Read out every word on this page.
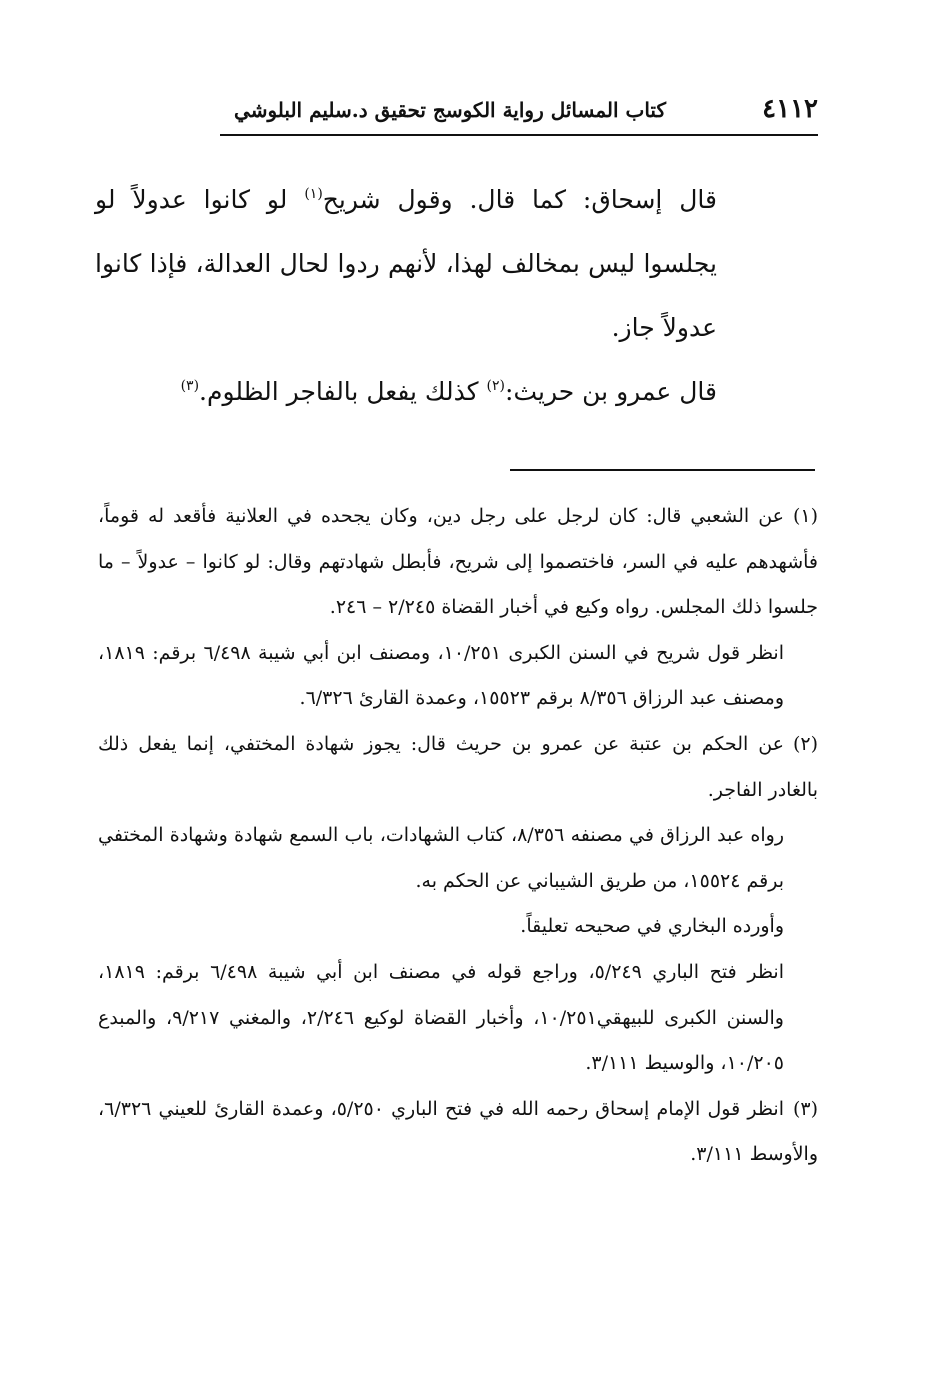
٤١١٢
كتاب المسائل رواية الكوسج تحقيق د.سليم البلوشي

قال إسحاق: كما قال. وقول شريح$^{(١)}$ لو كانوا عدولاً لو يجلسوا ليس بمخالف لهذا، لأنهم ردوا لحال العدالة، فإذا كانوا عدولاً جاز.

قال عمرو بن حريث:$^{(٢)}$ كذلك يفعل بالفاجر الظلوم.$^{(٣)}$

(١)عن الشعبي قال: كان لرجل على رجل دين، وكان يجحده في العلانية فأقعد له قوماً، فأشهدهم عليه في السر، فاختصموا إلى شريح، فأبطل شهادتهم وقال: لو كانوا – عدولاً – ما جلسوا ذلك المجلس. رواه وكيع في أخبار القضاة ٢/٢٤٥ – ٢٤٦.

انظر قول شريح في السنن الكبرى ١٠/٢٥١، ومصنف ابن أبي شيبة ٦/٤٩٨ برقم: ١٨١٩، ومصنف عبد الرزاق ٨/٣٥٦ برقم ١٥٥٢٣، وعمدة القارئ ٦/٣٢٦.

(٢)عن الحكم بن عتبة عن عمرو بن حريث قال: يجوز شهادة المختفي، إنما يفعل ذلك بالغادر الفاجر.

رواه عبد الرزاق في مصنفه ٨/٣٥٦، كتاب الشهادات، باب السمع شهادة وشهادة المختفي برقم ١٥٥٢٤، من طريق الشيباني عن الحكم به.

وأورده البخاري في صحيحه تعليقاً.

انظر فتح الباري ٥/٢٤٩، وراجع قوله في مصنف ابن أبي شيبة ٦/٤٩٨ برقم: ١٨١٩، والسنن الكبرى للبيهقي١٠/٢٥١، وأخبار القضاة لوكيع ٢/٢٤٦، والمغني ٩/٢١٧، والمبدع ١٠/٢٠٥، والوسيط ٣/١١١.

(٣)انظر قول الإمام إسحاق رحمه الله في فتح الباري ٥/٢٥٠، وعمدة القارئ للعيني ٦/٣٢٦، والأوسط ٣/١١١.
